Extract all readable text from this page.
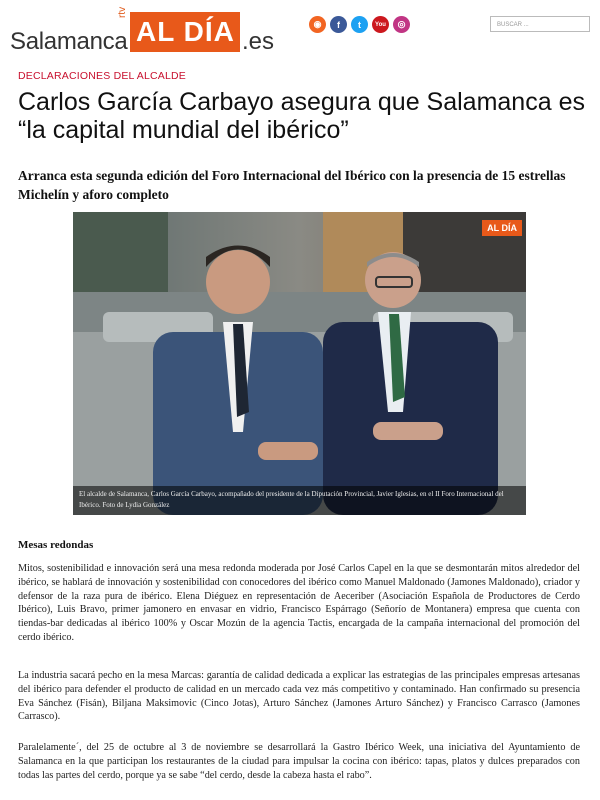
Salamanca
rtv
AL DÍA .es
◉	f	t	You	◎	BUSCAR ...
DECLARACIONES DEL ALCALDE
Carlos García Carbayo asegura que Salamanca es “la capital mundial del ibérico”
Arranca esta segunda edición del Foro Internacional del Ibérico con la presencia de 15 estrellas Michelín y aforo completo
AL DÍA
El alcalde de Salamanca, Carlos García Carbayo, acompañado del presidente de la Diputación Provincial, Javier Iglesias, en el II Foro Internacional del Ibérico. Foto de Lydia González
Mesas redondas
Mitos, sostenibilidad e innovación será una mesa redonda moderada por José Carlos Capel en la que se desmontarán mitos alrededor del ibérico, se hablará de innovación y sostenibilidad con conocedores del ibérico como Manuel Maldonado (Jamones Maldonado), criador y defensor de la raza pura de ibérico. Elena Diéguez en representación de Aeceriber (Asociación Española de Productores de Cerdo Ibérico), Luis Bravo, primer jamonero en envasar en vidrio, Francisco Espárrago (Señorío de Montanera) empresa que cuenta con tiendas-bar dedicadas al ibérico 100% y Oscar Mozún de la agencia Tactis, encargada de la campaña internacional del promoción del cerdo ibérico.
La industria sacará pecho en la mesa Marcas: garantía de calidad dedicada a explicar las estrategias de las principales empresas artesanas del ibérico para defender el producto de calidad en un mercado cada vez más competitivo y contaminado. Han confirmado su presencia Eva Sánchez (Fisán), Biljana Maksimovic (Cinco Jotas), Arturo Sánchez (Jamones Arturo Sánchez) y Francisco Carrasco (Jamones Carrasco).
Paralelamente´, del 25 de octubre al 3 de noviembre se desarrollará la Gastro Ibérico Week, una iniciativa del Ayuntamiento de Salamanca en la que participan los restaurantes de la ciudad para impulsar la cocina con ibérico: tapas, platos y dulces preparados con todas las partes del cerdo, porque ya se sabe “del cerdo, desde la cabeza hasta el rabo”.
